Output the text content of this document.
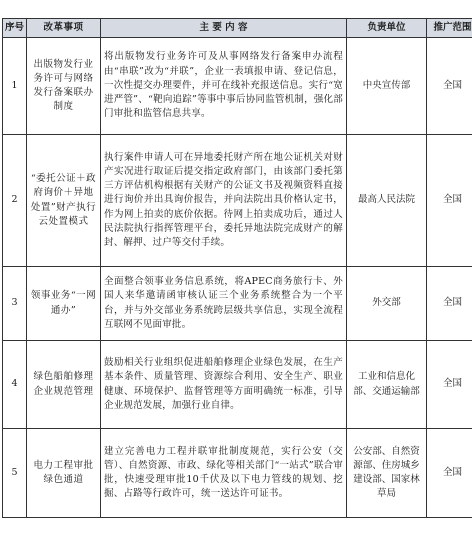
序号	改革事项	主 要 内 容	负责单位	推广范围
1	出版物发行业务许可与网络发行备案联办制度	将出版物发行业务许可及从事网络发行备案申办流程由“串联”改为“并联”，企业一表填报申请、登记信息，一次性提交办理要件，并可在线补充报送信息。实行“宽进严管”、“靶向追踪”等事中事后协同监管机制，强化部门审批和监管信息共享。	中央宣传部	全国
2	“委托公证＋政府询价＋异地处置”财产执行云处置模式	执行案件申请人可在异地委托财产所在地公证机关对财产实况进行取证后提交指定政府部门，由该部门委托第三方评估机构根据有关财产的公证文书及视频资料直接进行询价并出具询价报告，并向法院出具价格认定书，作为网上拍卖的底价依据。待网上拍卖成功后，通过人民法院执行指挥管理平台，委托异地法院完成财产的解封、解押、过户等交付手续。	最高人民法院	全国
3	领事业务“一网通办”	全面整合领事业务信息系统，将APEC商务旅行卡、外国人来华邀请函审核认证三个业务系统整合为一个平台，并与外交部业务系统跨层级共享信息，实现全流程互联网不见面审批。	外交部	全国
4	绿色船舶修理企业规范管理	鼓励相关行业组织促进船舶修理企业绿色发展，在生产基本条件、质量管理、资源综合利用、安全生产、职业健康、环境保护、监督管理等方面明确统一标准，引导企业规范发展，加强行业自律。	工业和信息化部、交通运输部	全国
5	电力工程审批绿色通道	建立完善电力工程并联审批制度规范，实行公安（交管）、自然资源、市政、绿化等相关部门“一站式”联合审批，快速受理审批10千伏及以下电力管线的规划、挖掘、占路等行政许可，统一送达许可证书。	公安部、自然资源部、住房城乡建设部、国家林草局	全国
